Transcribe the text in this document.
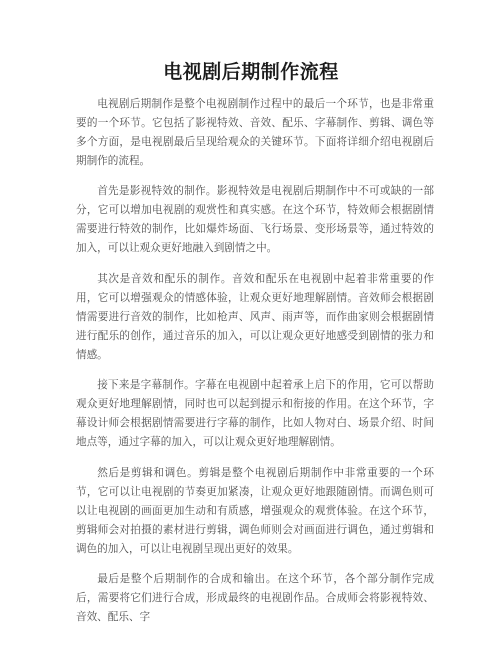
电视剧后期制作流程

电视剧后期制作是整个电视剧制作过程中的最后一个环节，也是非常重要的一个环节。它包括了影视特效、音效、配乐、字幕制作、剪辑、调色等多个方面，是电视剧最后呈现给观众的关键环节。下面将详细介绍电视剧后期制作的流程。

首先是影视特效的制作。影视特效是电视剧后期制作中不可或缺的一部分，它可以增加电视剧的观赏性和真实感。在这个环节，特效师会根据剧情需要进行特效的制作，比如爆炸场面、飞行场景、变形场景等，通过特效的加入，可以让观众更好地融入到剧情之中。

其次是音效和配乐的制作。音效和配乐在电视剧中起着非常重要的作用，它可以增强观众的情感体验，让观众更好地理解剧情。音效师会根据剧情需要进行音效的制作，比如枪声、风声、雨声等，而作曲家则会根据剧情进行配乐的创作，通过音乐的加入，可以让观众更好地感受到剧情的张力和情感。

接下来是字幕制作。字幕在电视剧中起着承上启下的作用，它可以帮助观众更好地理解剧情，同时也可以起到提示和衔接的作用。在这个环节，字幕设计师会根据剧情需要进行字幕的制作，比如人物对白、场景介绍、时间地点等，通过字幕的加入，可以让观众更好地理解剧情。

然后是剪辑和调色。剪辑是整个电视剧后期制作中非常重要的一个环节，它可以让电视剧的节奏更加紧凑，让观众更好地跟随剧情。而调色则可以让电视剧的画面更加生动和有质感，增强观众的观赏体验。在这个环节，剪辑师会对拍摄的素材进行剪辑，调色师则会对画面进行调色，通过剪辑和调色的加入，可以让电视剧呈现出更好的效果。

最后是整个后期制作的合成和输出。在这个环节，各个部分制作完成后，需要将它们进行合成，形成最终的电视剧作品。合成师会将影视特效、音效、配乐、字
